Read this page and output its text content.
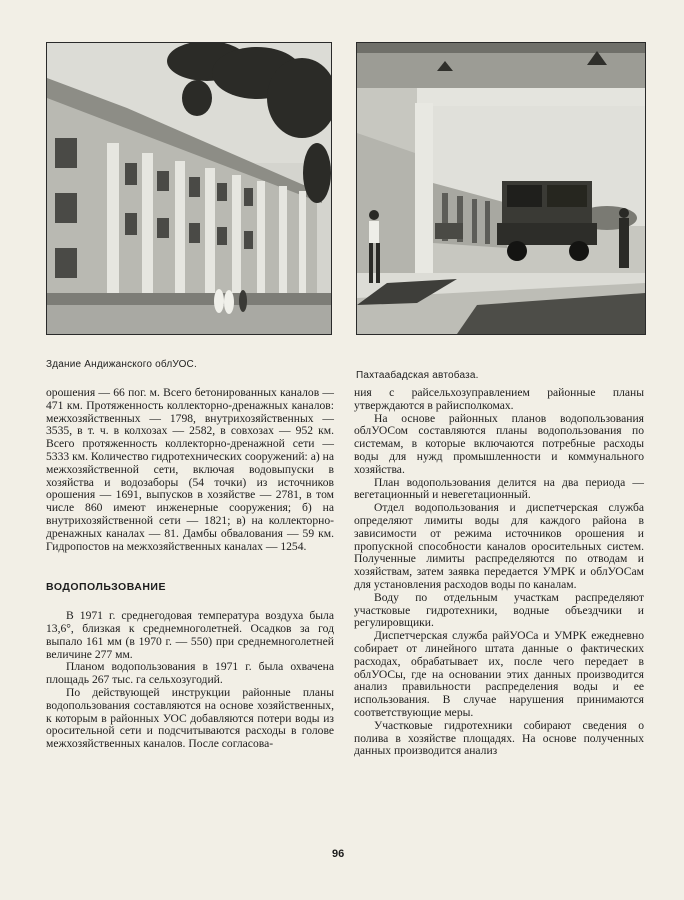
Здание Андижанского облУОС.
Пахтаабадская автобаза.

орошения — 66 пог. м. Всего бетонированных каналов — 471 км. Протяженность коллекторно-дренажных каналов: межхозяйственных — 1798, внутрихозяйственных — 3535, в т. ч. в колхозах — 2582, в совхозах — 952 км. Всего протяженность коллекторно-дренажной сети — 5333 км. Количество гидротехнических сооружений: а) на межхозяйственной сети, включая водовыпуски в хозяйства и водозаборы (54 точки) из источников орошения — 1691, выпусков в хозяйстве — 2781, в том числе 860 имеют инженерные сооружения; б) на внутрихозяйственной сети — 1821; в) на коллекторно-дренажных каналах — 81. Дамбы обвалования — 59 км. Гидропостов на межхозяйственных каналах — 1254.

ВОДОПОЛЬЗОВАНИЕ

В 1971 г. среднегодовая температура воздуха была 13,6°, близкая к среднемноголетней. Осадков за год выпало 161 мм (в 1970 г. — 550) при среднемноголетней величине 277 мм.

Планом водопользования в 1971 г. была охвачена площадь 267 тыс. га сельхозугодий.

По действующей инструкции районные планы водопользования составляются на основе хозяйственных, к которым в районных УОС добавляются потери воды из оросительной сети и подсчитываются расходы в голове межхозяйственных каналов. После согласова-

ния с райсельхозуправлением районные планы утверждаются в райисполкомах.

На основе районных планов водопользования облУОСом составляются планы водопользования по системам, в которые включаются потребные расходы воды для нужд промышленности и коммунального хозяйства.

План водопользования делится на два периода — вегетационный и невегетационный.

Отдел водопользования и диспетчерская служба определяют лимиты воды для каждого района в зависимости от режима источников орошения и пропускной способности каналов оросительных систем. Полученные лимиты распределяются по отводам и хозяйствам, затем заявка передается УМРК и облУОСам для установления расходов воды по каналам.

Воду по отдельным участкам распределяют участковые гидротехники, водные объездчики и регулировщики.

Диспетчерская служба райУОСа и УМРК ежедневно собирает от линейного штата данные о фактических расходах, обрабатывает их, после чего передает в облУОСы, где на основании этих данных производится анализ правильности распределения воды и ее использования. В случае нарушения принимаются соответствующие меры.

Участковые гидротехники собирают сведения о полива в хозяйстве площадях. На основе полученных данных производится анализ

96
